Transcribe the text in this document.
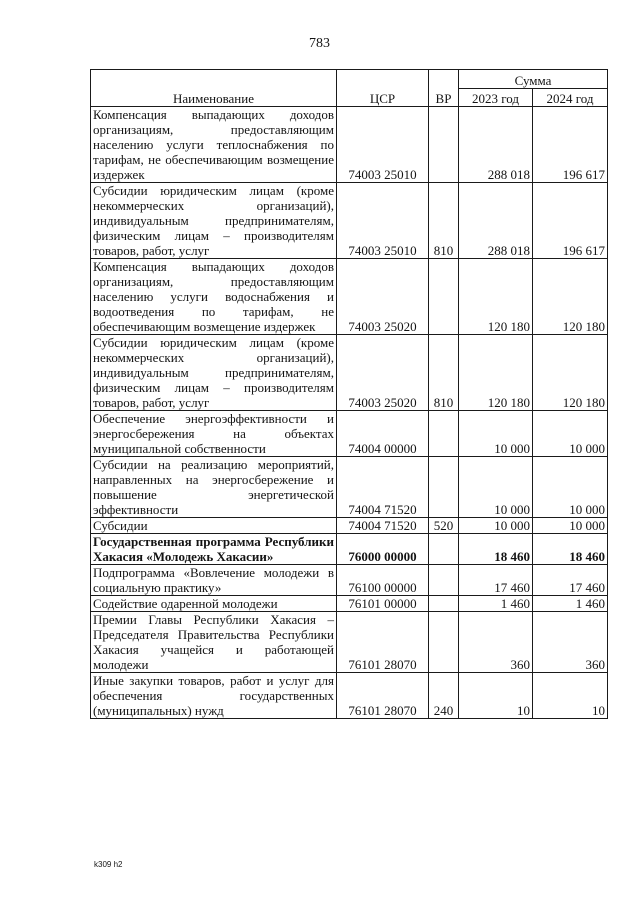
783
Наименование	ЦСР	ВР	Сумма	
			2023 год	2024 год
Компенсация выпадающих доходов организациям, предоставляющим населению услуги теплоснабжения по тарифам, не обеспечивающим возмещение издержек	74003 25010		288 018	196 617
Субсидии юридическим лицам (кроме некоммерческих организаций), индивидуальным предпринимателям, физическим лицам – производителям товаров, работ, услуг	74003 25010	810	288 018	196 617
Компенсация выпадающих доходов организациям, предоставляющим населению услуги водоснабжения и водоотведения по тарифам, не обеспечивающим возмещение издержек	74003 25020		120 180	120 180
Субсидии юридическим лицам (кроме некоммерческих организаций), индивидуальным предпринимателям, физическим лицам – производителям товаров, работ, услуг	74003 25020	810	120 180	120 180
Обеспечение энергоэффективности и энергосбережения на объектах муниципальной собственности	74004 00000		10 000	10 000
Субсидии на реализацию мероприятий, направленных на энергосбережение и повышение энергетической эффективности	74004 71520		10 000	10 000
Субсидии	74004 71520	520	10 000	10 000
Государственная программа Республики Хакасия «Молодежь Хакасии»	76000 00000		18 460	18 460
Подпрограмма «Вовлечение молодежи в социальную практику»	76100 00000		17 460	17 460
Содействие одаренной молодежи	76101 00000		1 460	1 460
Премии Главы Республики Хакасия – Председателя Правительства Республики Хакасия учащейся и работающей молодежи	76101 28070		360	360
Иные закупки товаров, работ и услуг для обеспечения государственных (муниципальных) нужд	76101 28070	240	10	10
k309 h2
